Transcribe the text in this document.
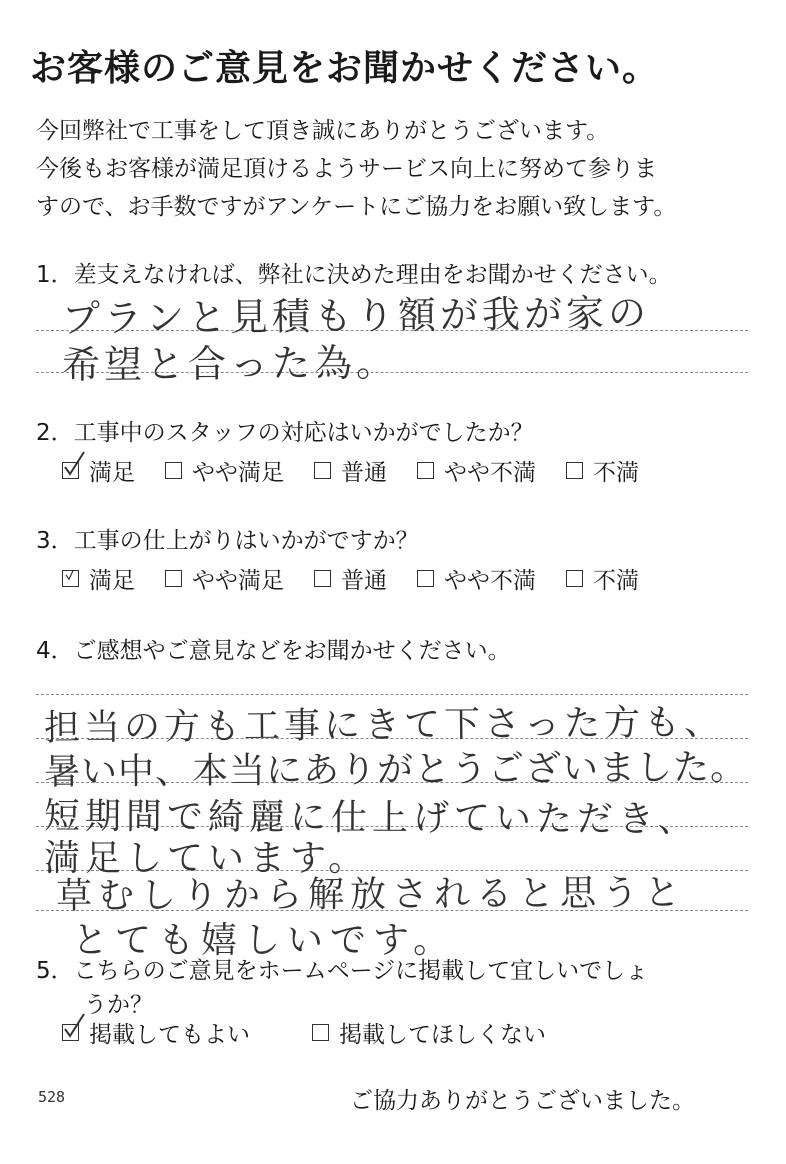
お客様のご意見をお聞かせください。
今回弊社で工事をして頂き誠にありがとうございます。
今後もお客様が満足頂けるようサービス向上に努めて参りま
すので、お手数ですがアンケートにご協力をお願い致します。
1．差支えなければ、弊社に決めた理由をお聞かせください。
プランと見積もり額が我が家の
希望と合った為。
2．工事中のスタッフの対応はいかがでしたか？
満足 やや満足 普通 やや不満 不満
3．工事の仕上がりはいかがですか？
満足 やや満足 普通 やや不満 不満
4．ご感想やご意見などをお聞かせください。
担当の方も工事にきて下さった方も、
暑い中、本当にありがとうございました。
短期間で綺麗に仕上げていただき、
満足しています。
草むしりから解放されると思うと
とても嬉しいです。
5．こちらのご意見をホームページに掲載して宜しいでしょ
うか？
掲載してもよい	掲載してほしくない
528	ご協力ありがとうございました。
